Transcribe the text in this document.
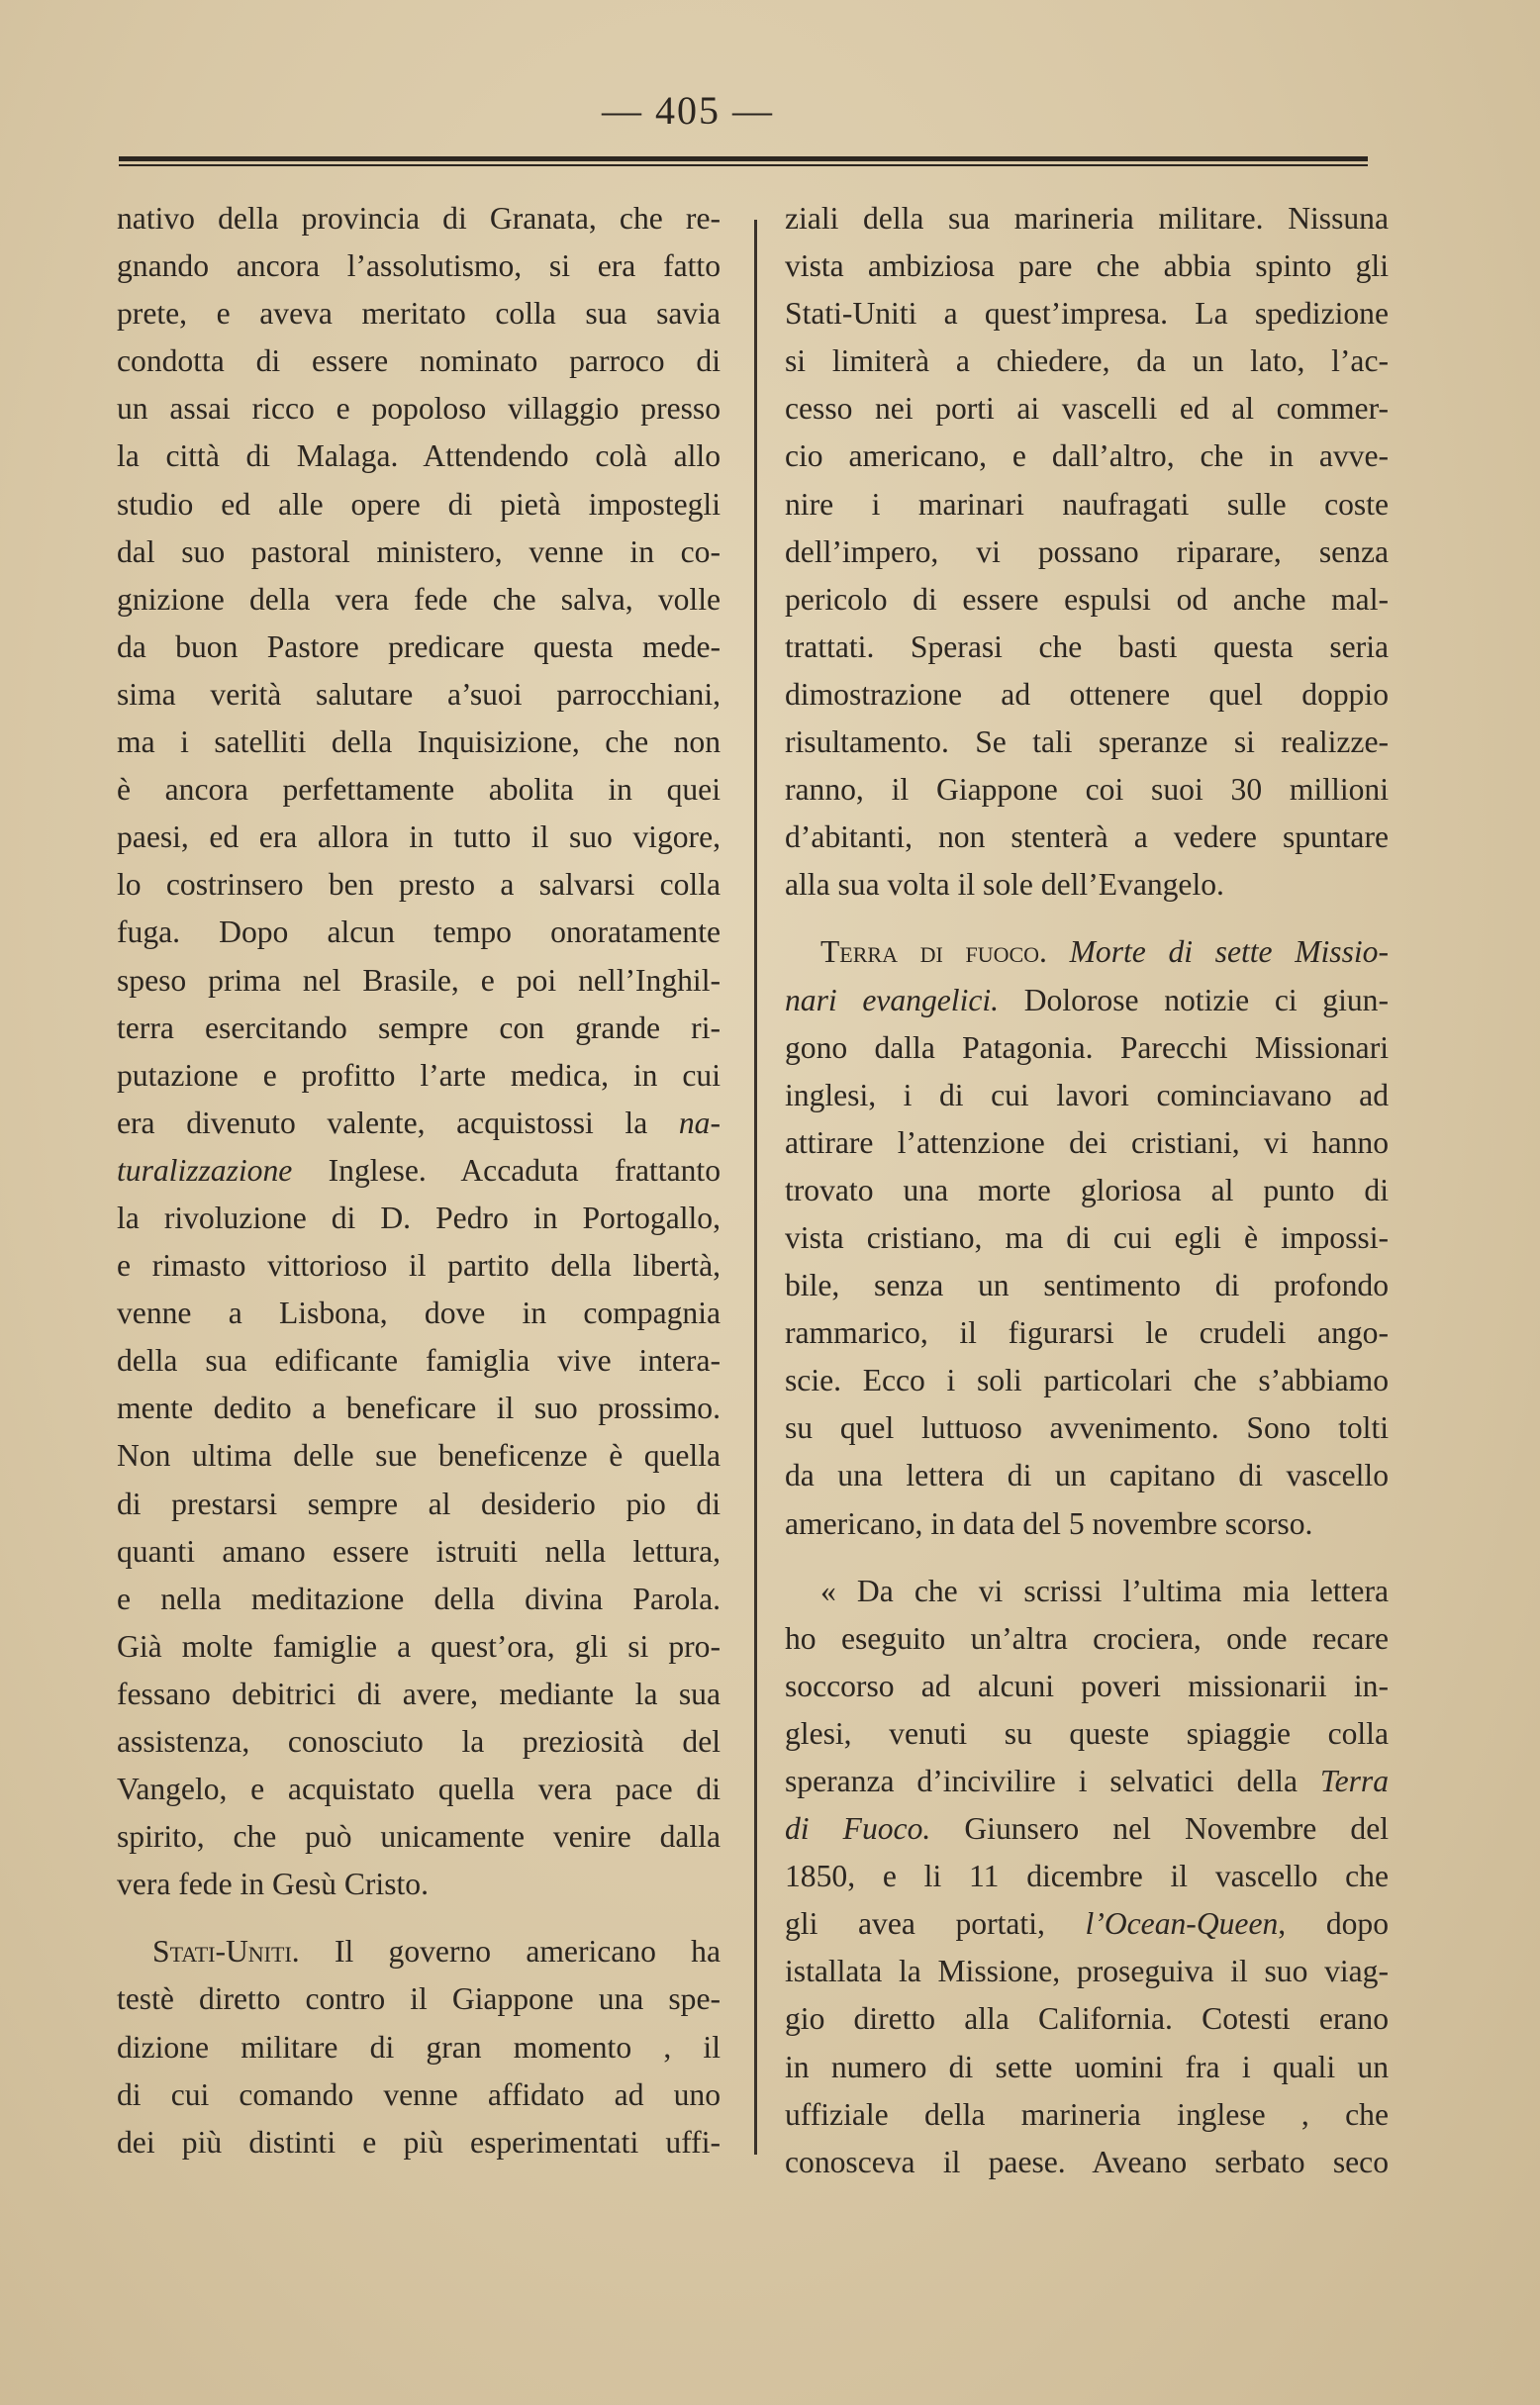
— 405 —
nativo della provincia di Granata, che re-
gnando ancora l’assolutismo, si era fatto
prete, e aveva meritato colla sua savia
condotta di essere nominato parroco di
un assai ricco e popoloso villaggio presso
la città di Malaga. Attendendo colà allo
studio ed alle opere di pietà impostegli
dal suo pastoral ministero, venne in co-
gnizione della vera fede che salva, volle
da buon Pastore predicare questa mede-
sima verità salutare a’suoi parrocchiani,
ma i satelliti della Inquisizione, che non
è ancora perfettamente abolita in quei
paesi, ed era allora in tutto il suo vigore,
lo costrinsero ben presto a salvarsi colla
fuga. Dopo alcun tempo onoratamente
speso prima nel Brasile, e poi nell’Inghil-
terra esercitando sempre con grande ri-
putazione e profitto l’arte medica, in cui
era divenuto valente, acquistossi la na-
turalizzazione Inglese. Accaduta frattanto
la rivoluzione di D. Pedro in Portogallo,
e rimasto vittorioso il partito della libertà,
venne a Lisbona, dove in compagnia
della sua edificante famiglia vive intera-
mente dedito a beneficare il suo prossimo.
Non ultima delle sue beneficenze è quella
di prestarsi sempre al desiderio pio di
quanti amano essere istruiti nella lettura,
e nella meditazione della divina Parola.
Già molte famiglie a quest’ora, gli si pro-
fessano debitrici di avere, mediante la sua
assistenza, conosciuto la preziosità del
Vangelo, e acquistato quella vera pace di
spirito, che può unicamente venire dalla
vera fede in Gesù Cristo.
Stati-Uniti. Il governo americano ha
testè diretto contro il Giappone una spe-
dizione militare di gran momento , il
di cui comando venne affidato ad uno
dei più distinti e più esperimentati uffi-
ziali della sua marineria militare. Nissuna
vista ambiziosa pare che abbia spinto gli
Stati-Uniti a quest’impresa. La spedizione
si limiterà a chiedere, da un lato, l’ac-
cesso nei porti ai vascelli ed al commer-
cio americano, e dall’altro, che in avve-
nire i marinari naufragati sulle coste
dell’impero, vi possano riparare, senza
pericolo di essere espulsi od anche mal-
trattati. Sperasi che basti questa seria
dimostrazione ad ottenere quel doppio
risultamento. Se tali speranze si realizze-
ranno, il Giappone coi suoi 30 millioni
d’abitanti, non stenterà a vedere spuntare
alla sua volta il sole dell’Evangelo.
Terra di fuoco. Morte di sette Missio-
nari evangelici. Dolorose notizie ci giun-
gono dalla Patagonia. Parecchi Missionari
inglesi, i di cui lavori cominciavano ad
attirare l’attenzione dei cristiani, vi hanno
trovato una morte gloriosa al punto di
vista cristiano, ma di cui egli è impossi-
bile, senza un sentimento di profondo
rammarico, il figurarsi le crudeli ango-
scie. Ecco i soli particolari che s’abbiamo
su quel luttuoso avvenimento. Sono tolti
da una lettera di un capitano di vascello
americano, in data del 5 novembre scorso.
« Da che vi scrissi l’ultima mia lettera
ho eseguito un’altra crociera, onde recare
soccorso ad alcuni poveri missionarii in-
glesi, venuti su queste spiaggie colla
speranza d’incivilire i selvatici della Terra
di Fuoco. Giunsero nel Novembre del
1850, e li 11 dicembre il vascello che
gli avea portati, l’Ocean-Queen, dopo
istallata la Missione, proseguiva il suo viag-
gio diretto alla California. Cotesti erano
in numero di sette uomini fra i quali un
uffiziale della marineria inglese , che
conosceva il paese. Aveano serbato seco
